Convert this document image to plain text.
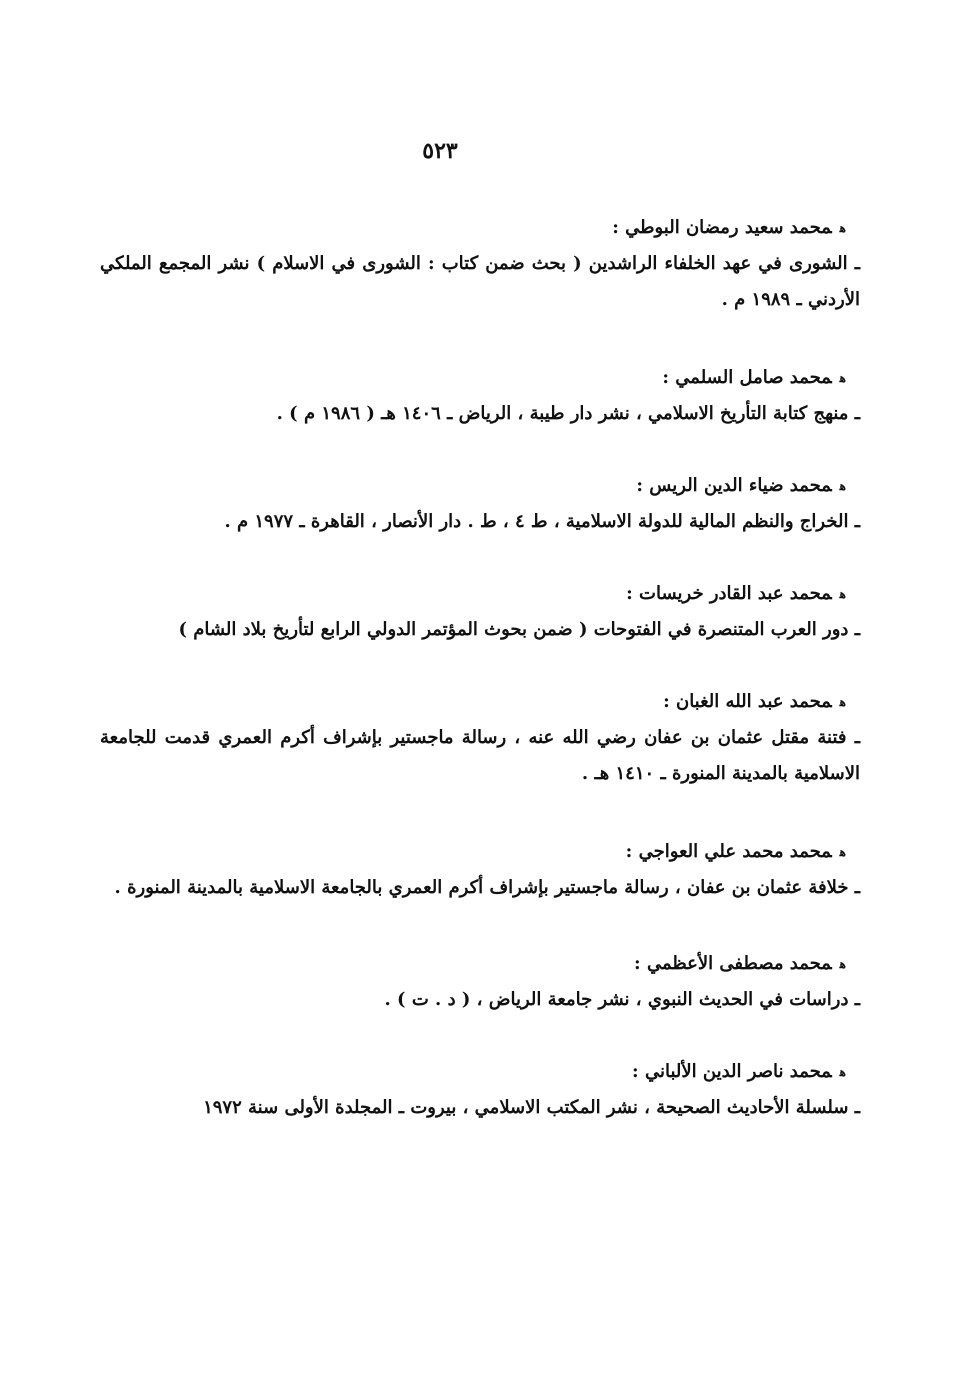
٥٢٣
همحمد سعيد رمضان البوطي :
ـ الشورى في عهد الخلفاء الراشدين ( بحث ضمن كتاب : الشورى في الاسلام ) نشر المجمع الملكي الأردني ـ ١٩٨٩ م .
همحمد صامل السلمي :
ـ منهج كتابة التأريخ الاسلامي ، نشر دار طيبة ، الرياض ـ ١٤٠٦ هـ ( ١٩٨٦ م ) .
همحمد ضياء الدين الريس :
ـ الخراج والنظم المالية للدولة الاسلامية ، ط ٤ ، ط . دار الأنصار ، القاهرة ـ ١٩٧٧ م .
همحمد عبد القادر خريسات :
ـ دور العرب المتنصرة في الفتوحات ( ضمن بحوث المؤتمر الدولي الرابع لتأريخ بلاد الشام )
همحمد عبد الله الغبان :
ـ فتنة مقتل عثمان بن عفان رضي الله عنه ، رسالة ماجستير بإشراف أكرم العمري قدمت للجامعة الاسلامية بالمدينة المنورة ـ ١٤١٠ هـ .
همحمد محمد علي العواجي :
ـ خلافة عثمان بن عفان ، رسالة ماجستير بإشراف أكرم العمري بالجامعة الاسلامية بالمدينة المنورة .
همحمد مصطفى الأعظمي :
ـ دراسات في الحديث النبوي ، نشر جامعة الرياض ، ( د . ت ) .
همحمد ناصر الدين الألباني :
ـ سلسلة الأحاديث الصحيحة ، نشر المكتب الاسلامي ، بيروت ـ المجلدة الأولى سنة ١٩٧٢
